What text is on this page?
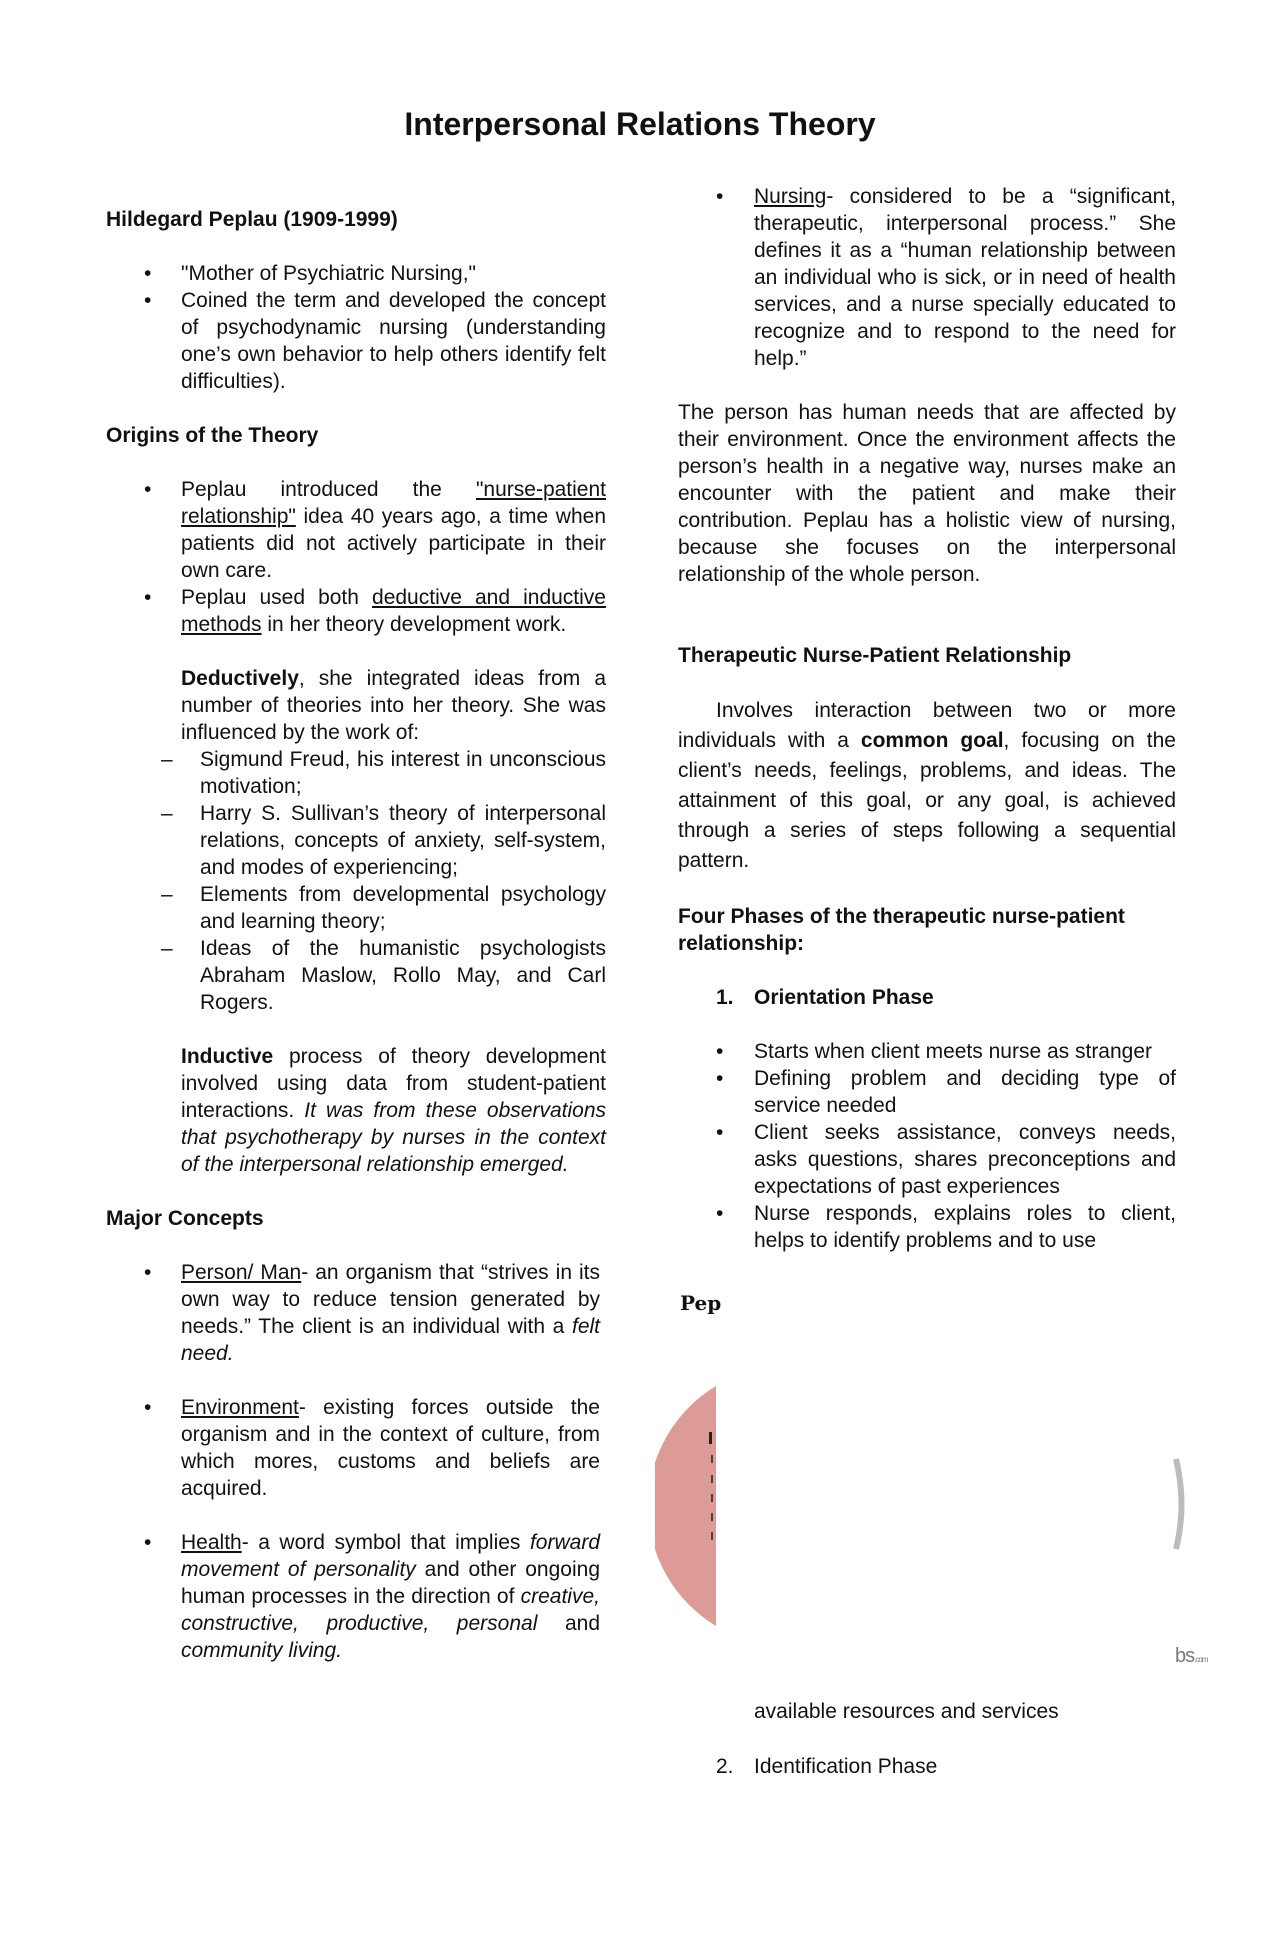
Interpersonal Relations Theory
Hildegard Peplau (1909-1999)
• "Mother of Psychiatric Nursing,"
• Coined the term and developed the concept of psychodynamic nursing (understanding one’s own behavior to help others identify felt difficulties).
Origins of the Theory
• Peplau introduced the "nurse-patient relationship" idea 40 years ago, a time when patients did not actively participate in their own care.
• Peplau used both deductive and inductive methods in her theory development work.

Deductively, she integrated ideas from a number of theories into her theory. She was influenced by the work of:

– Sigmund Freud, his interest in unconscious motivation;
– Harry S. Sullivan’s theory of interpersonal relations, concepts of anxiety, self-system, and modes of experiencing;
– Elements from developmental psychology and learning theory;
– Ideas of the humanistic psychologists Abraham Maslow, Rollo May, and Carl Rogers.

Inductive process of theory development involved using data from student-patient interactions. It was from these observations that psychotherapy by nurses in the context of the interpersonal relationship emerged.

Major Concepts
• Person/ Man- an organism that “strives in its own way to reduce tension generated by needs.” The client is an individual with a felt need.
• Environment- existing forces outside the organism and in the context of culture, from which mores, customs and beliefs are acquired.
• Health- a word symbol that implies forward movement of personality and other ongoing human processes in the direction of creative, constructive, productive, personal and community living.
• Nursing- considered to be a “significant, therapeutic, interpersonal process.” She defines it as a “human relationship between an individual who is sick, or in need of health services, and a nurse specially educated to recognize and to respond to the need for help.”

The person has human needs that are affected by their environment. Once the environment affects the person’s health in a negative way, nurses make an encounter with the patient and make their contribution. Peplau has a holistic view of nursing, because she focuses on the interpersonal relationship of the whole person.

Therapeutic Nurse-Patient Relationship

Involves interaction between two or more individuals with a common goal, focusing on the client’s needs, feelings, problems, and ideas. The attainment of this goal, or any goal, is achieved through a series of steps following a sequential pattern.

Four Phases of the therapeutic nurse-patient relationship:
1. Orientation Phase
• Starts when client meets nurse as stranger
• Defining problem and deciding type of service needed
• Client seeks assistance, conveys needs, asks questions, shares preconceptions and expectations of past experiences
• Nurse responds, explains roles to client, helps to identify problems and to use
Pep
bs.com
available resources and services
2. Identification Phase
